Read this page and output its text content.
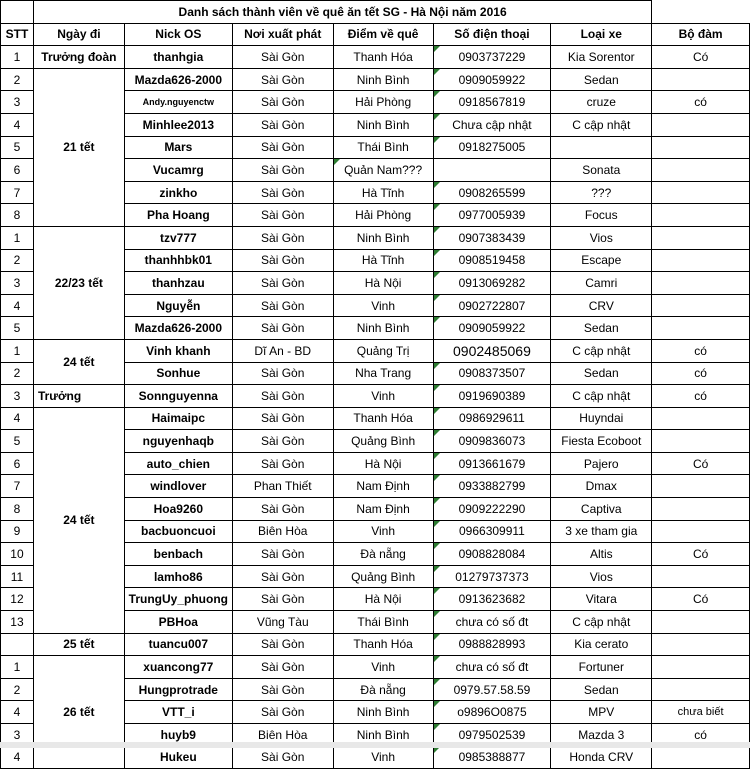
	Danh sách thành viên về quê ăn tết SG - Hà Nội năm 2016						
STT	Ngày đi	Nick OS	Nơi xuất phát	Điểm về quê	Số điện thoại	Loại xe	Bộ đàm
1	Trưởng đoàn	thanhgia	Sài Gòn	Thanh Hóa	0903737229	Kia Sorentor	Có
2	21 tết	Mazda626-2000	Sài Gòn	Ninh Bình	0909059922	Sedan	
3		Andy.nguyenctw	Sài Gòn	Hải Phòng	0918567819	cruze	có
4		Minhlee2013	Sài Gòn	Ninh Bình	Chưa cập nhật	C cập nhật	
5		Mars	Sài Gòn	Thái Bình	0918275005		
6		Vucamrg	Sài Gòn	Quản Nam???		Sonata	
7		zinkho	Sài Gòn	Hà Tĩnh	0908265599	???	
8		Pha Hoang	Sài Gòn	Hải Phòng	0977005939	Focus	
1	22/23 tết	tzv777	Sài Gòn	Ninh Bình	0907383439	Vios	
2		thanhhbk01	Sài Gòn	Hà Tĩnh	0908519458	Escape	
3		thanhzau	Sài Gòn	Hà Nội	0913069282	Camri	
4		Nguyễn	Sài Gòn	Vinh	0902722807	CRV	
5		Mazda626-2000	Sài Gòn	Ninh Bình	0909059922	Sedan	
1	24 tết	Vinh khanh	Dĩ An - BD	Quảng Trị	0902485069	C cập nhật	có
2		Sonhue	Sài Gòn	Nha Trang	0908373507	Sedan	có
3	Trưởng	Sonnguyenna	Sài Gòn	Vinh	0919690389	C cập nhật	có
4	24 tết	Haimaipc	Sài Gòn	Thanh Hóa	0986929611	Huyndai	
5		nguyenhaqb	Sài Gòn	Quảng Bình	0909836073	Fiesta Ecoboot	
6		auto_chien	Sài Gòn	Hà Nội	0913661679	Pajero	Có
7		windlover	Phan Thiết	Nam Định	0933882799	Dmax	
8		Hoa9260	Sài Gòn	Nam Định	0909222290	Captiva	
9		bacbuoncuoi	Biên Hòa	Vinh	0966309911	3 xe tham gia	
10		benbach	Sài Gòn	Đà nẵng	0908828084	Altis	Có
11		lamho86	Sài Gòn	Quảng Bình	01279737373	Vios	
12		TrungUy_phuong	Sài Gòn	Hà Nội	0913623682	Vitara	Có
13		PBHoa	Vũng Tàu	Thái Bình	chưa có số đt	C cập nhật	
	25 tết	tuancu007	Sài Gòn	Thanh Hóa	0988828993	Kia cerato	
1	26 tết	xuancong77	Sài Gòn	Vinh	chưa có số đt	Fortuner	
2		Hungprotrade	Sài Gòn	Đà nẵng	0979.57.58.59	Sedan	
4		VTT_i	Sài Gòn	Ninh Bình	o9896O0875	MPV	chưa biết
3		huyb9	Biên Hòa	Ninh Bình	0979502539	Mazda 3	có
4		Hukeu	Sài Gòn	Vinh	0985388877	Honda CRV	
